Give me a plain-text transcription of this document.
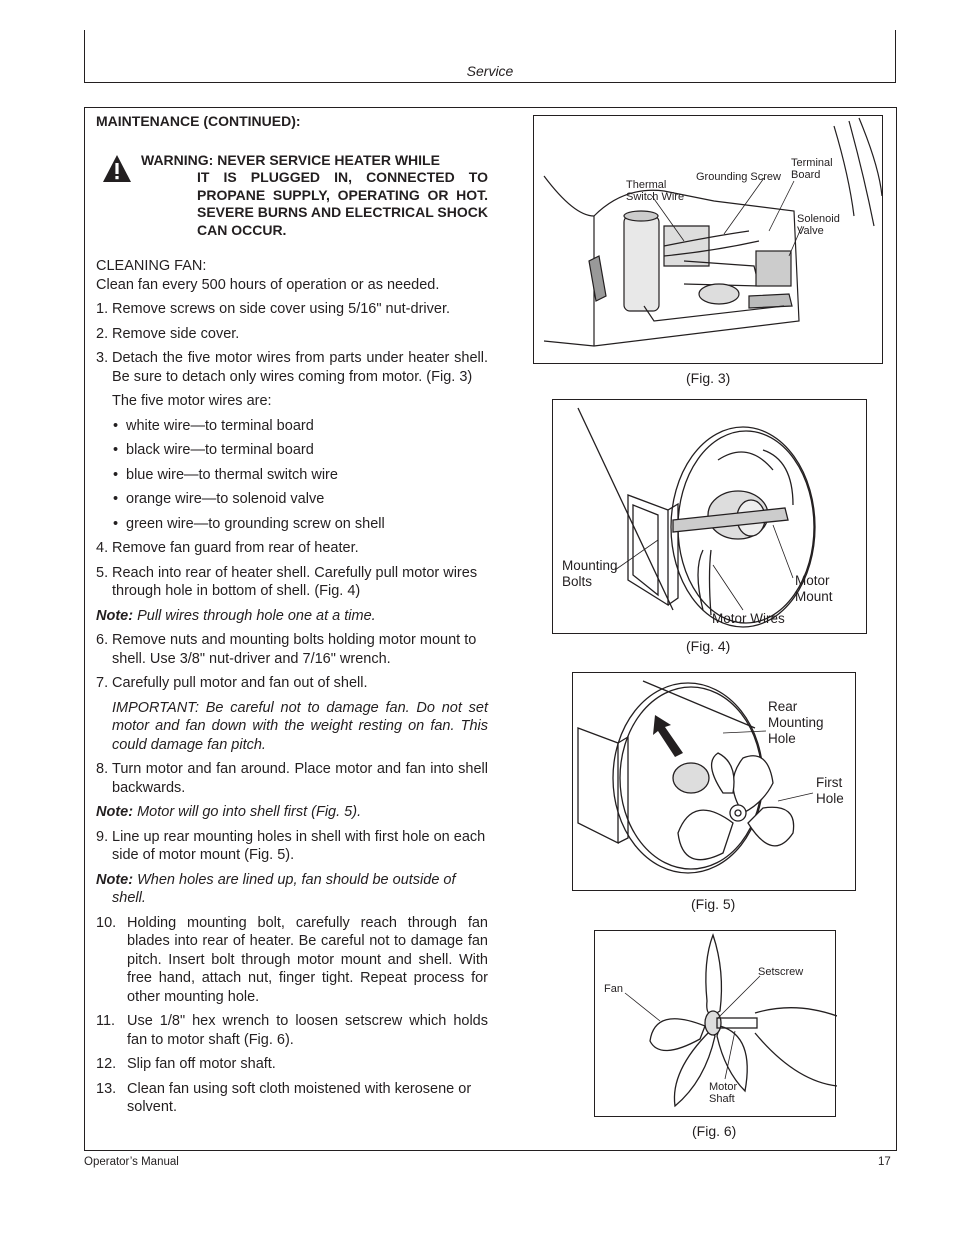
Service

MAINTENANCE (CONTINUED):

WARNING: NEVER SERVICE HEATER WHILE
IT IS PLUGGED IN, CONNECTED TO PROPANE SUPPLY, OPERATING OR HOT. SEVERE BURNS AND ELECTRICAL SHOCK CAN OCCUR.

CLEANING FAN:

Clean fan every 500 hours of operation or as needed.

1. Remove screws on side cover using 5/16" nut-driver.
2. Remove side cover.
3. Detach the five motor wires from parts under heater shell. Be sure to detach only wires coming from motor. (Fig. 3)

The five motor wires are:

• white wire—to terminal board
• black wire—to terminal board
• blue wire—to thermal switch wire
• orange wire—to solenoid valve
• green wire—to grounding screw on shell
4. Remove fan guard from rear of heater.
5. Reach into rear of heater shell. Carefully pull motor wires through hole in bottom of shell. (Fig. 4)

Note: Pull wires through hole one at a time.

6. Remove nuts and mounting bolts holding motor mount to shell. Use 3/8" nut-driver and 7/16" wrench.
7. Carefully pull motor and fan out of shell.

IMPORTANT: Be careful not to damage fan. Do not set motor and fan down with the weight resting on fan. This could damage fan pitch.

8. Turn motor and fan around. Place motor and fan into shell backwards.

Note: Motor will go into shell first (Fig. 5).

9. Line up rear mounting holes in shell with first hole on each side of motor mount (Fig. 5).

Note: When holes are lined up, fan should be outside of shell.

10. Holding mounting bolt, carefully reach through fan blades into rear of heater. Be careful not to damage fan pitch. Insert bolt through motor mount and shell. With free hand, attach nut, finger tight. Repeat process for other mounting hole.
11. Use 1/8" hex wrench to loosen setscrew which holds fan to motor shaft (Fig. 6).
12. Slip fan off motor shaft.
13. Clean fan using soft cloth moistened with kerosene or solvent.
Thermal
Switch Wire
Grounding Screw
Terminal
Board
Solenoid
Valve
(Fig. 3)
Mounting
Bolts	Motor
Mount
Motor Wires
(Fig. 4)
Rear
Mounting
Hole
First
Hole
(Fig. 5)
Fan
Setscrew
Motor
Shaft
(Fig. 6)
Operator’s Manual	17
